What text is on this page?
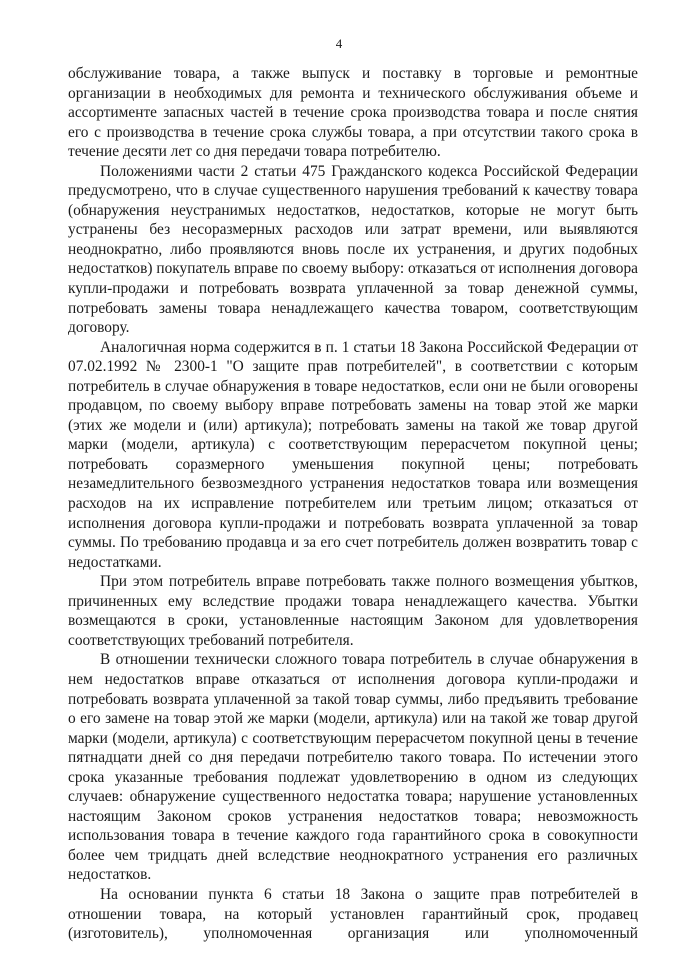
4

обслуживание товара, а также выпуск и поставку в торговые и ремонтные организации в необходимых для ремонта и технического обслуживания объеме и ассортименте запасных частей в течение срока производства товара и после снятия его с производства в течение срока службы товара, а при отсутствии такого срока в течение десяти лет со дня передачи товара потребителю.

Положениями части 2 статьи 475 Гражданского кодекса Российской Федерации предусмотрено, что в случае существенного нарушения требований к качеству товара (обнаружения неустранимых недостатков, недостатков, которые не могут быть устранены без несоразмерных расходов или затрат времени, или выявляются неоднократно, либо проявляются вновь после их устранения, и других подобных недостатков) покупатель вправе по своему выбору: отказаться от исполнения договора купли-продажи и потребовать возврата уплаченной за товар денежной суммы, потребовать замены товара ненадлежащего качества товаром, соответствующим договору.

Аналогичная норма содержится в п. 1 статьи 18 Закона Российской Федерации от 07.02.1992 № 2300-1 "О защите прав потребителей", в соответствии с которым потребитель в случае обнаружения в товаре недостатков, если они не были оговорены продавцом, по своему выбору вправе потребовать замены на товар этой же марки (этих же модели и (или) артикула); потребовать замены на такой же товар другой марки (модели, артикула) с соответствующим перерасчетом покупной цены; потребовать соразмерного уменьшения покупной цены; потребовать незамедлительного безвозмездного устранения недостатков товара или возмещения расходов на их исправление потребителем или третьим лицом; отказаться от исполнения договора купли-продажи и потребовать возврата уплаченной за товар суммы. По требованию продавца и за его счет потребитель должен возвратить товар с недостатками.

При этом потребитель вправе потребовать также полного возмещения убытков, причиненных ему вследствие продажи товара ненадлежащего качества. Убытки возмещаются в сроки, установленные настоящим Законом для удовлетворения соответствующих требований потребителя.

В отношении технически сложного товара потребитель в случае обнаружения в нем недостатков вправе отказаться от исполнения договора купли-продажи и потребовать возврата уплаченной за такой товар суммы, либо предъявить требование о его замене на товар этой же марки (модели, артикула) или на такой же товар другой марки (модели, артикула) с соответствующим перерасчетом покупной цены в течение пятнадцати дней со дня передачи потребителю такого товара. По истечении этого срока указанные требования подлежат удовлетворению в одном из следующих случаев: обнаружение существенного недостатка товара; нарушение установленных настоящим Законом сроков устранения недостатков товара; невозможность использования товара в течение каждого года гарантийного срока в совокупности более чем тридцать дней вследствие неоднократного устранения его различных недостатков.

На основании пункта 6 статьи 18 Закона о защите прав потребителей в отношении товара, на который установлен гарантийный срок, продавец (изготовитель), уполномоченная организация или уполномоченный
